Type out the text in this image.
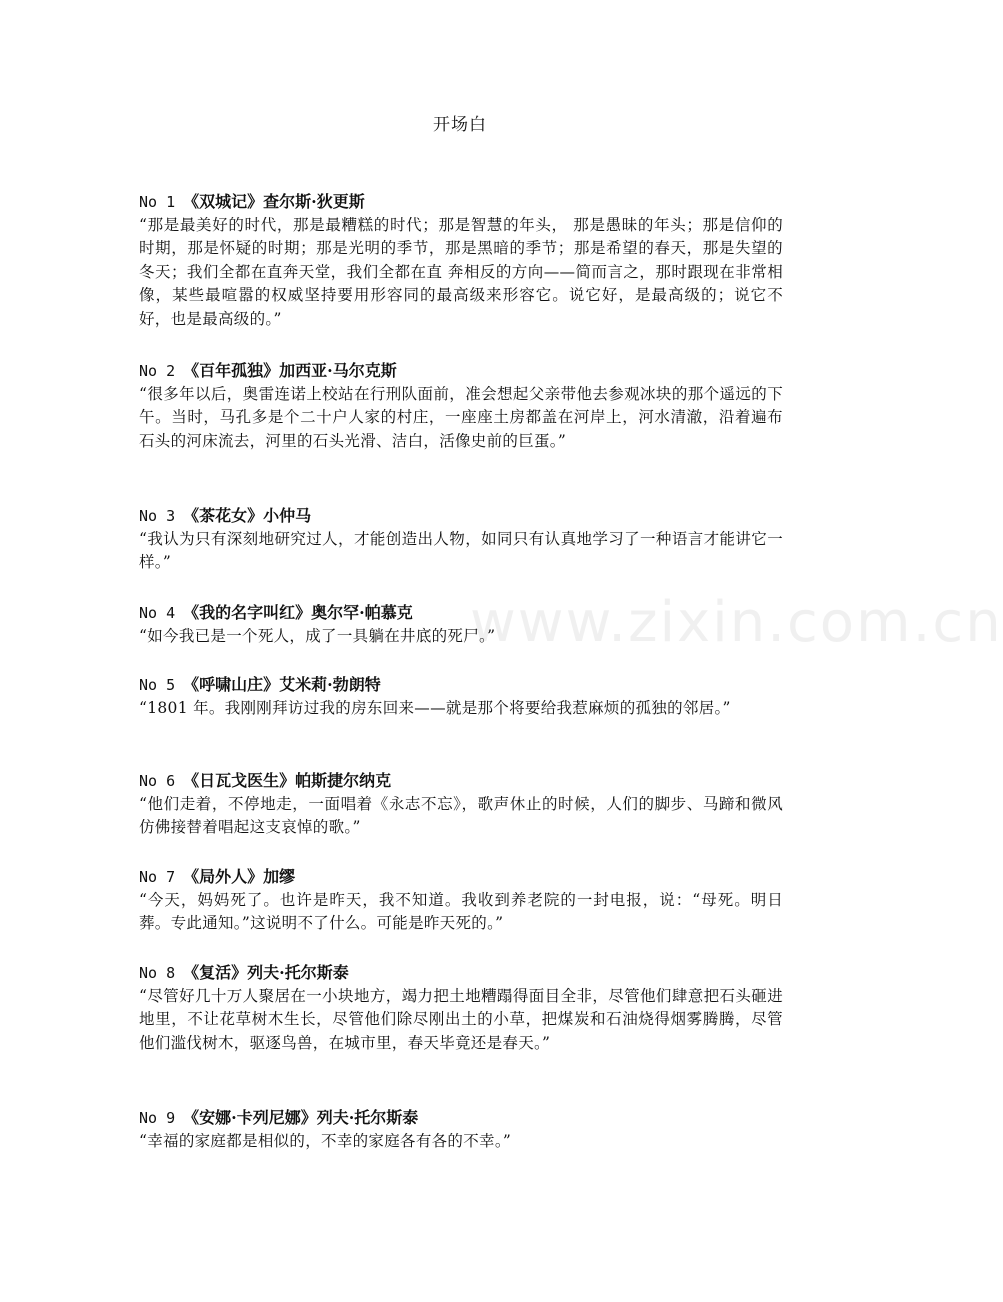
www.zixin.com.cn
开场白
No 1 《双城记》查尔斯·狄更斯
“那是最美好的时代，那是最糟糕的时代；那是智慧的年头， 那是愚昧的年头；那是信仰的时期，那是怀疑的时期；那是光明的季节，那是黑暗的季节；那是希望的春天，那是失望的冬天；我们全都在直奔天堂，我们全都在直 奔相反的方向——简而言之，那时跟现在非常相像，某些最喧嚣的权威坚持要用形容同的最高级来形容它。说它好，是最高级的；说它不好，也是最高级的。”
No 2 《百年孤独》加西亚·马尔克斯
“很多年以后，奥雷连诺上校站在行刑队面前，准会想起父亲带他去参观冰块的那个遥远的下午。当时，马孔多是个二十户人家的村庄，一座座土房都盖在河岸上，河水清澈，沿着遍布石头的河床流去，河里的石头光滑、洁白，活像史前的巨蛋。”
No 3 《茶花女》小仲马
“我认为只有深刻地研究过人，才能创造出人物，如同只有认真地学习了一种语言才能讲它一样。”
No 4 《我的名字叫红》奥尔罕·帕慕克
“如今我已是一个死人，成了一具躺在井底的死尸。”
No 5 《呼啸山庄》艾米莉·勃朗特
“1801 年。我刚刚拜访过我的房东回来——就是那个将要给我惹麻烦的孤独的邻居。”
No 6 《日瓦戈医生》帕斯捷尔纳克
“他们走着，不停地走，一面唱着《永志不忘》，歌声休止的时候，人们的脚步、马蹄和微风仿佛接替着唱起这支哀悼的歌。”
No 7 《局外人》加缪
“今天，妈妈死了。也许是昨天，我不知道。我收到养老院的一封电报，说：“母死。明日葬。专此通知。”这说明不了什么。可能是昨天死的。”
No 8 《复活》列夫·托尔斯泰
“尽管好几十万人聚居在一小块地方，竭力把土地糟蹋得面目全非，尽管他们肆意把石头砸进地里，不让花草树木生长，尽管他们除尽刚出土的小草，把煤炭和石油烧得烟雾腾腾，尽管他们滥伐树木，驱逐鸟兽，在城市里，春天毕竟还是春天。”
No 9 《安娜·卡列尼娜》列夫·托尔斯泰
“幸福的家庭都是相似的，不幸的家庭各有各的不幸。”
